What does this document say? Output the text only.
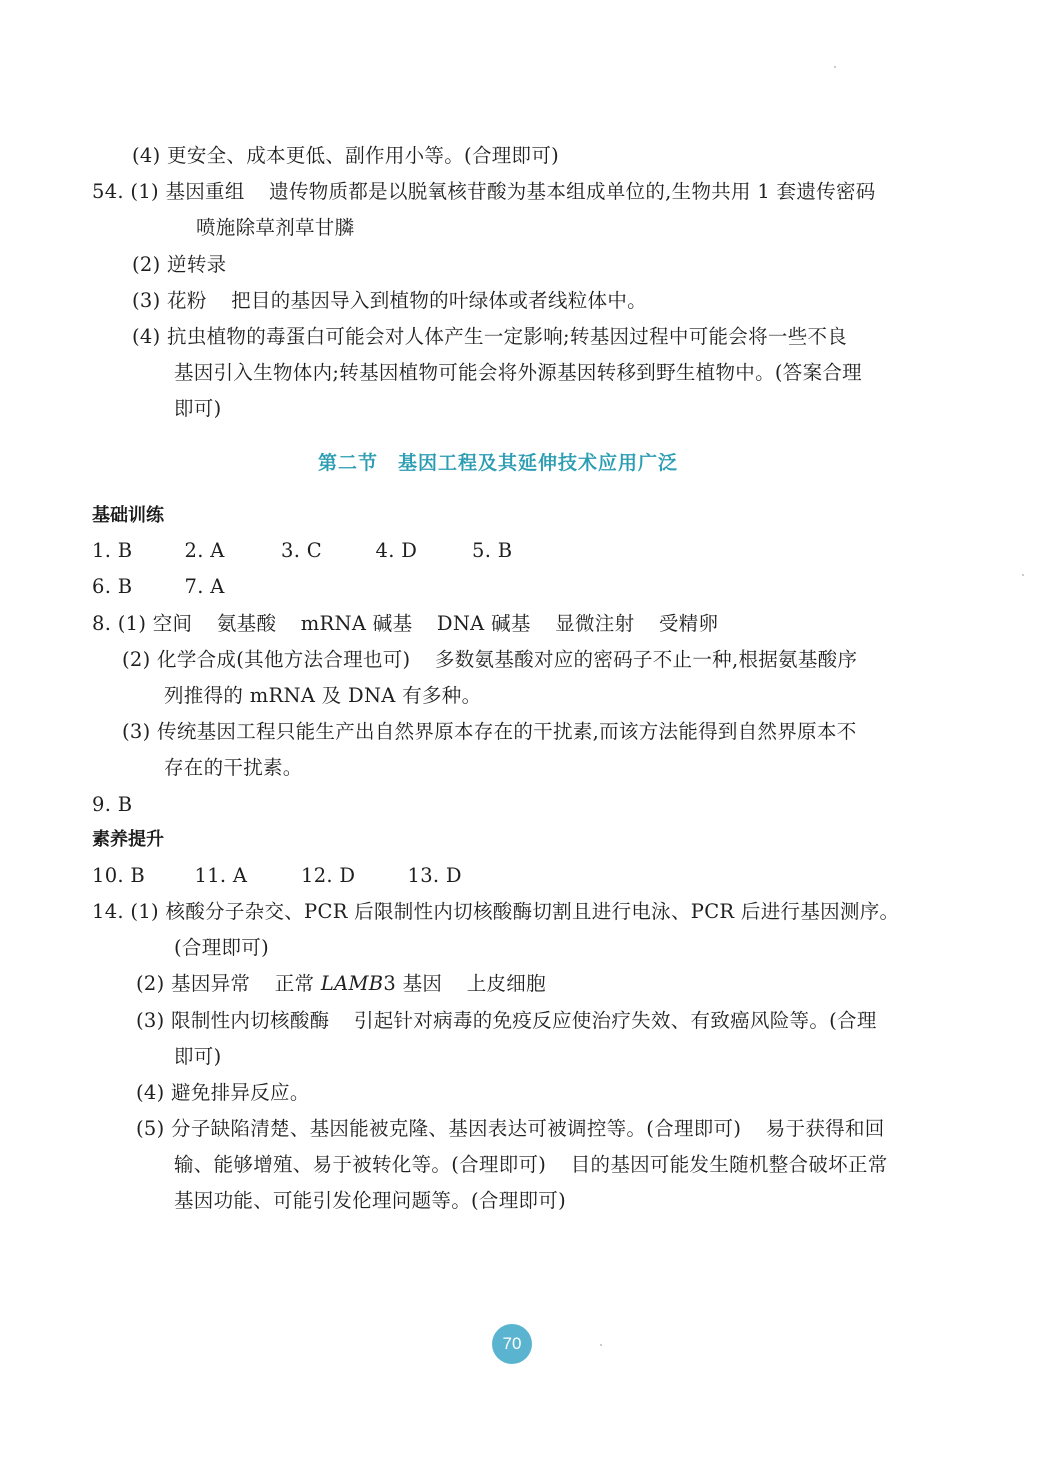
(4) 更安全、成本更低、副作用小等。(合理即可)
54. (1) 基因重组 遗传物质都是以脱氧核苷酸为基本组成单位的,生物共用 1 套遗传密码
喷施除草剂草甘膦
(2) 逆转录
(3) 花粉 把目的基因导入到植物的叶绿体或者线粒体中。
(4) 抗虫植物的毒蛋白可能会对人体产生一定影响;转基因过程中可能会将一些不良
基因引入生物体内;转基因植物可能会将外源基因转移到野生植物中。(答案合理
即可)
第二节　基因工程及其延伸技术应用广泛
基础训练
1. B	2. A	3. C	4. D	5. B
6. B	7. A
8. (1) 空间 氨基酸 mRNA 碱基 DNA 碱基 显微注射 受精卵
(2) 化学合成(其他方法合理也可) 多数氨基酸对应的密码子不止一种,根据氨基酸序
列推得的 mRNA 及 DNA 有多种。
(3) 传统基因工程只能生产出自然界原本存在的干扰素,而该方法能得到自然界原本不
存在的干扰素。
9. B
素养提升
10. B	11. A	12. D	13. D
14. (1) 核酸分子杂交、PCR 后限制性内切核酸酶切割且进行电泳、PCR 后进行基因测序。
(合理即可)
(2) 基因异常 正常 LAMB3 基因 上皮细胞
(3) 限制性内切核酸酶 引起针对病毒的免疫反应使治疗失效、有致癌风险等。(合理
即可)
(4) 避免排异反应。
(5) 分子缺陷清楚、基因能被克隆、基因表达可被调控等。(合理即可) 易于获得和回
输、能够增殖、易于被转化等。(合理即可) 目的基因可能发生随机整合破坏正常
基因功能、可能引发伦理问题等。(合理即可)
70
